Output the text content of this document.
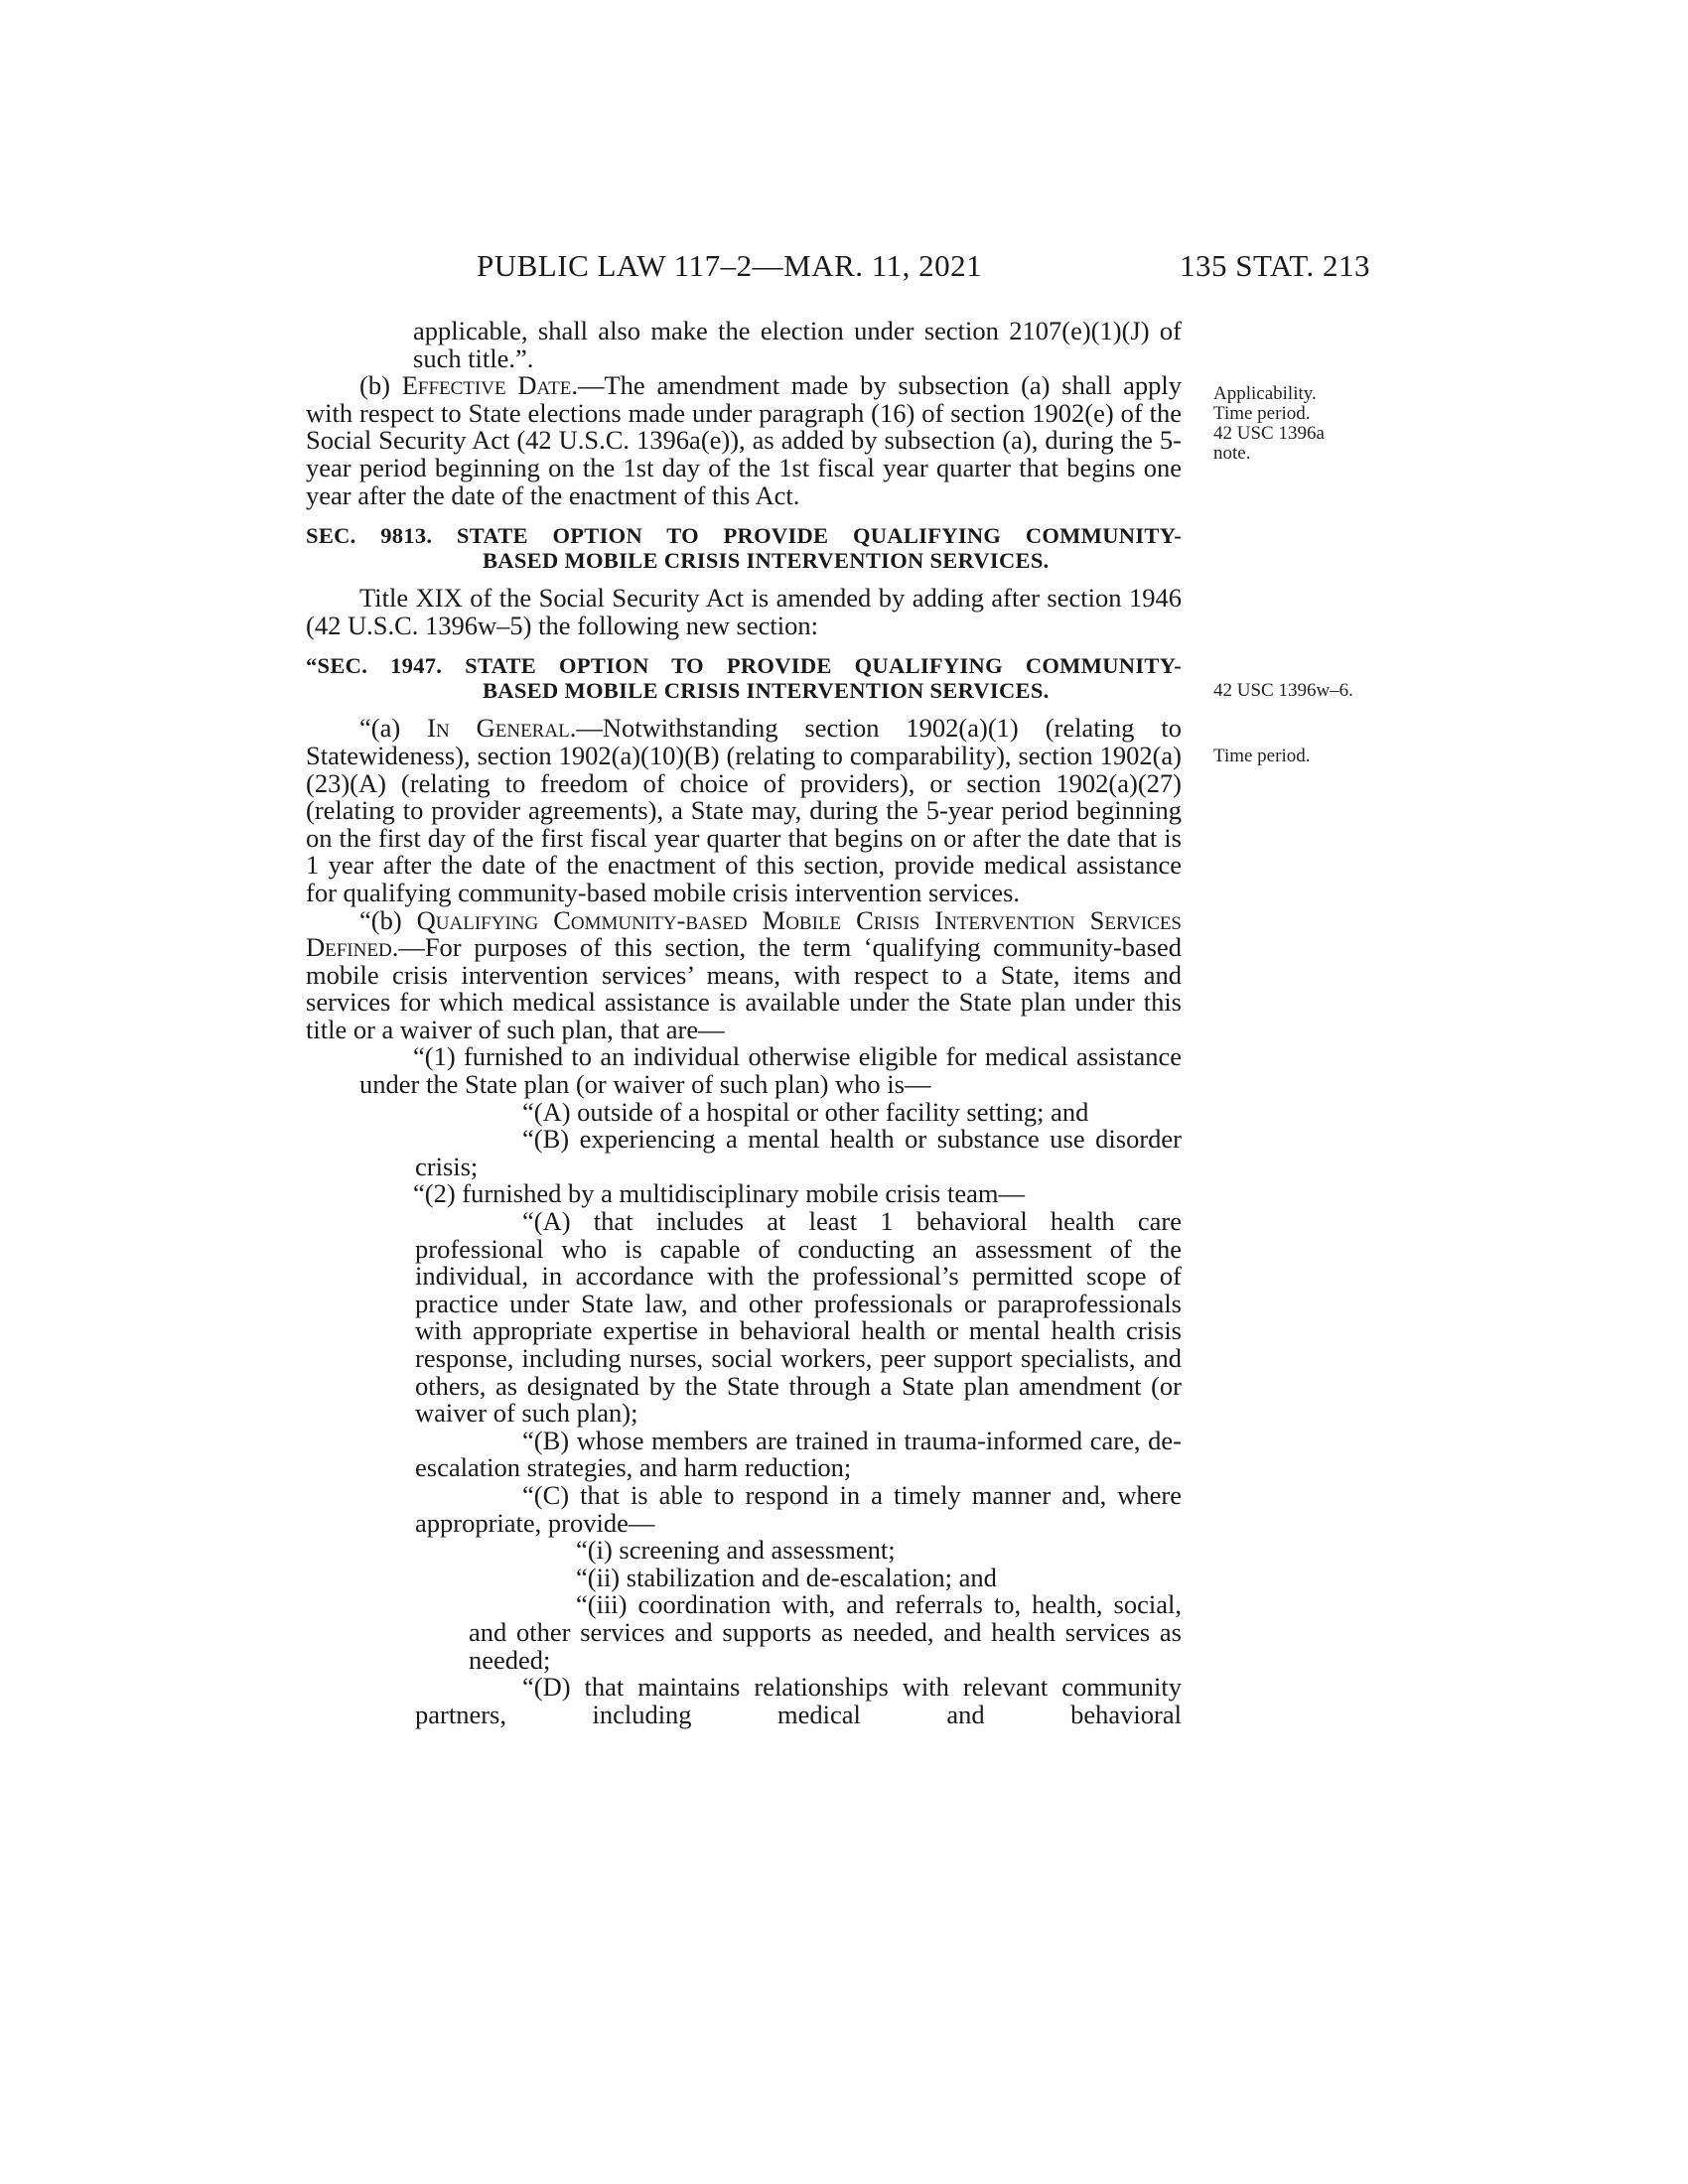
PUBLIC LAW 117–2—MAR. 11, 2021	135 STAT. 213
Applicability.
Time period.
42 USC 1396a
note.
42 USC 1396w–6.
Time period.

applicable, shall also make the election under section 2107(e)(1)(J) of such title.”.

(b) Effective Date.—The amendment made by subsection (a) shall apply with respect to State elections made under paragraph (16) of section 1902(e) of the Social Security Act (42 U.S.C. 1396a(e)), as added by subsection (a), during the 5-year period beginning on the 1st day of the 1st fiscal year quarter that begins one year after the date of the enactment of this Act.

SEC. 9813. STATE OPTION TO PROVIDE QUALIFYING COMMUNITY-
BASED MOBILE CRISIS INTERVENTION SERVICES.

Title XIX of the Social Security Act is amended by adding after section 1946 (42 U.S.C. 1396w–5) the following new section:

“SEC. 1947. STATE OPTION TO PROVIDE QUALIFYING COMMUNITY-
BASED MOBILE CRISIS INTERVENTION SERVICES.

“(a) In General.—Notwithstanding section 1902(a)(1) (relating to Statewideness), section 1902(a)(10)(B) (relating to comparability), section 1902(a)(23)(A) (relating to freedom of choice of providers), or section 1902(a)(27) (relating to provider agreements), a State may, during the 5-year period beginning on the first day of the first fiscal year quarter that begins on or after the date that is 1 year after the date of the enactment of this section, provide medical assistance for qualifying community-based mobile crisis intervention services.

“(b) Qualifying Community-based Mobile Crisis Intervention Services Defined.—For purposes of this section, the term ‘qualifying community-based mobile crisis intervention services’ means, with respect to a State, items and services for which medical assistance is available under the State plan under this title or a waiver of such plan, that are—

“(1) furnished to an individual otherwise eligible for medical assistance under the State plan (or waiver of such plan) who is—

“(A) outside of a hospital or other facility setting; and

“(B) experiencing a mental health or substance use disorder crisis;

“(2) furnished by a multidisciplinary mobile crisis team—

“(A) that includes at least 1 behavioral health care professional who is capable of conducting an assessment of the individual, in accordance with the professional’s permitted scope of practice under State law, and other professionals or paraprofessionals with appropriate expertise in behavioral health or mental health crisis response, including nurses, social workers, peer support specialists, and others, as designated by the State through a State plan amendment (or waiver of such plan);

“(B) whose members are trained in trauma-informed care, de-escalation strategies, and harm reduction;

“(C) that is able to respond in a timely manner and, where appropriate, provide—

“(i) screening and assessment;

“(ii) stabilization and de-escalation; and

“(iii) coordination with, and referrals to, health, social, and other services and supports as needed, and health services as needed;

“(D) that maintains relationships with relevant community partners, including medical and behavioral
